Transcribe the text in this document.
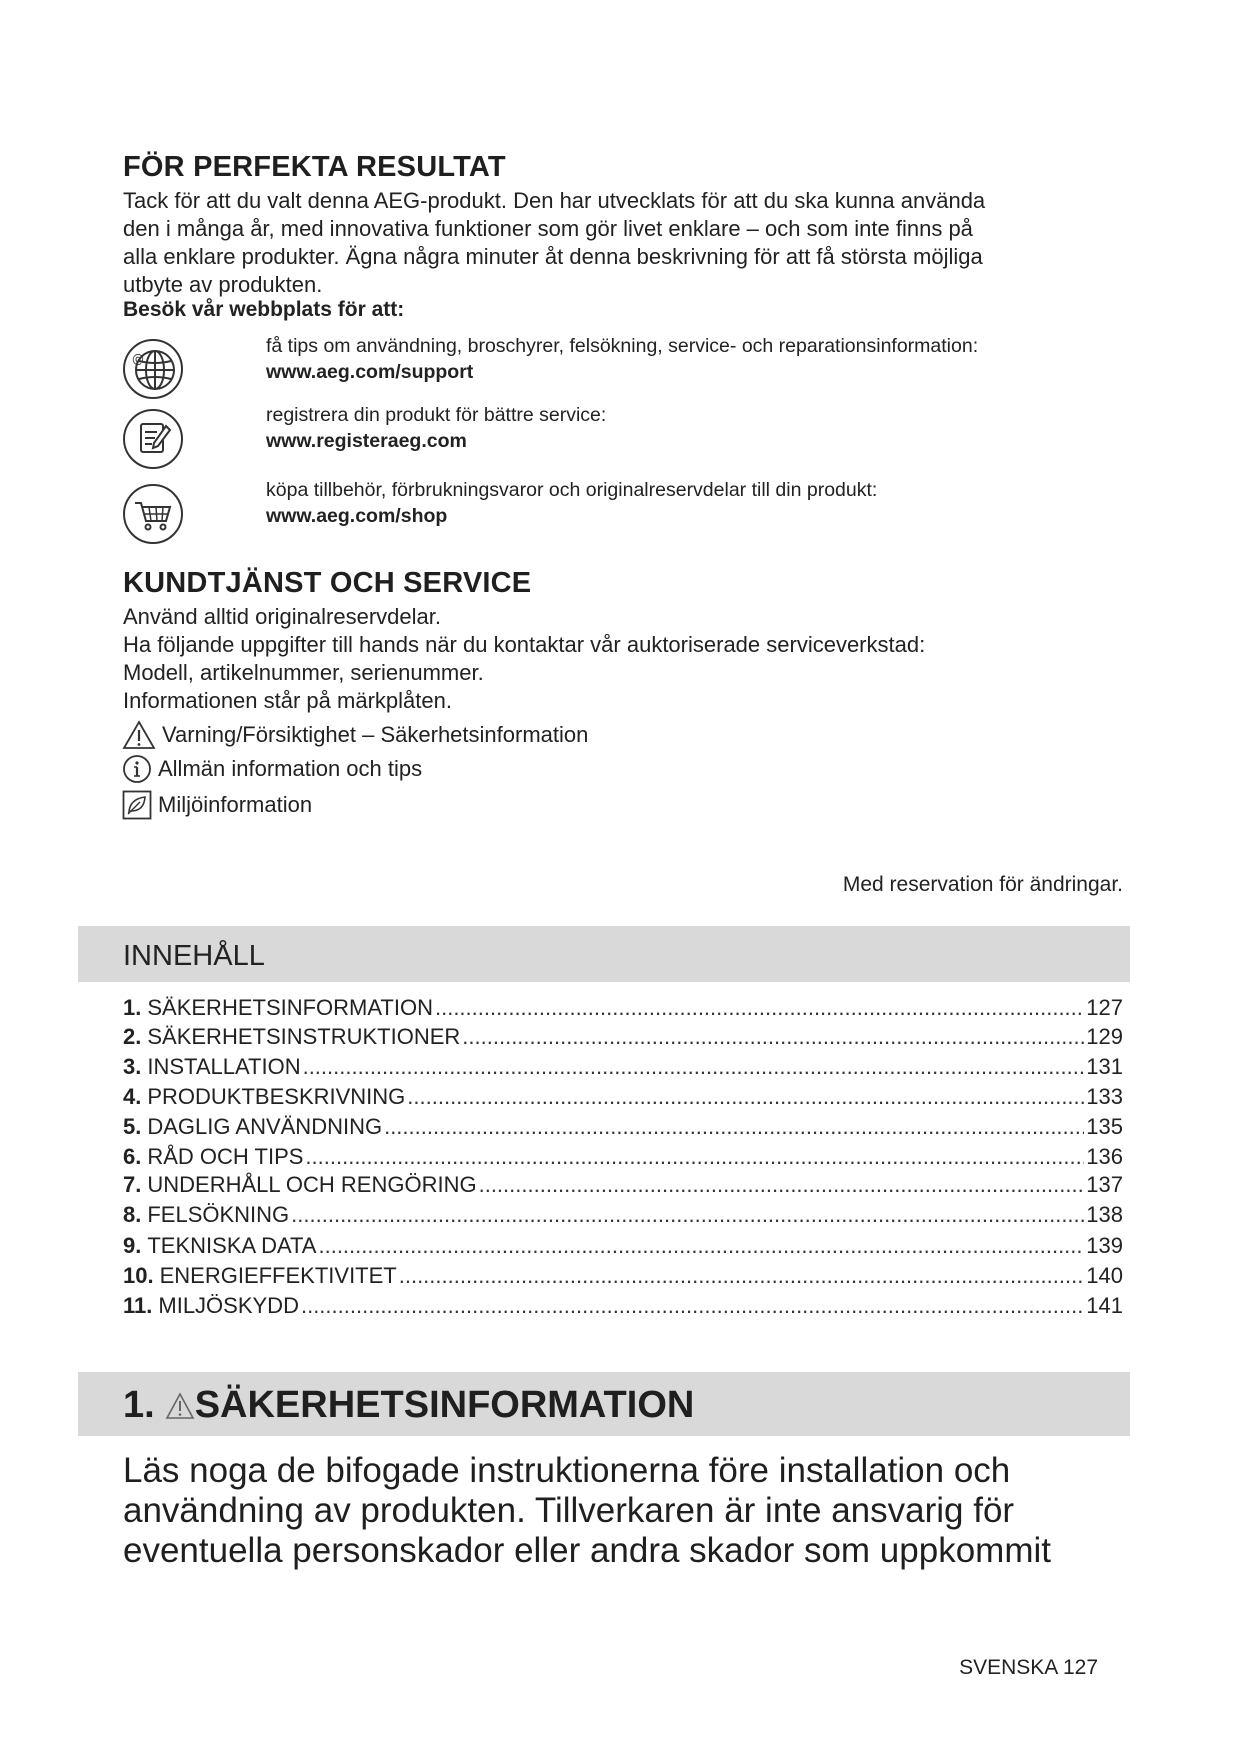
FÖR PERFEKTA RESULTAT
Tack för att du valt denna AEG-produkt. Den har utvecklats för att du ska kunna använda
den i många år, med innovativa funktioner som gör livet enklare – och som inte finns på
alla enklare produkter. Ägna några minuter åt denna beskrivning för att få största möjliga
utbyte av produkten.
Besök vår webbplats för att:
@
få tips om användning, broschyrer, felsökning, service- och reparationsinformation:
www.aeg.com/support
registrera din produkt för bättre service:
www.registeraeg.com
köpa tillbehör, förbrukningsvaror och originalreservdelar till din produkt:
www.aeg.com/shop
KUNDTJÄNST OCH SERVICE
Använd alltid originalreservdelar.
Ha följande uppgifter till hands när du kontaktar vår auktoriserade serviceverkstad:
Modell, artikelnummer, serienummer.
Informationen står på märkplåten.
Varning/Försiktighet – Säkerhetsinformation
Allmän information och tips
Miljöinformation
Med reservation för ändringar.
INNEHÅLL
1. SÄKERHETSINFORMATION .....	127
2. SÄKERHETSINSTRUKTIONER .....	129
3. INSTALLATION .....	131
4. PRODUKTBESKRIVNING .....	133
5. DAGLIG ANVÄNDNING .....	135
6. RÅD OCH TIPS .....	136
7. UNDERHÅLL OCH RENGÖRING .....	137
8. FELSÖKNING .....	138
9. TEKNISKA DATA .....	139
10. ENERGIEFFEKTIVITET .....	140
11. MILJÖSKYDD .....	141
1. SÄKERHETSINFORMATION
Läs noga de bifogade instruktionerna före installation och
användning av produkten. Tillverkaren är inte ansvarig för
eventuella personskador eller andra skador som uppkommit
SVENSKA 127
